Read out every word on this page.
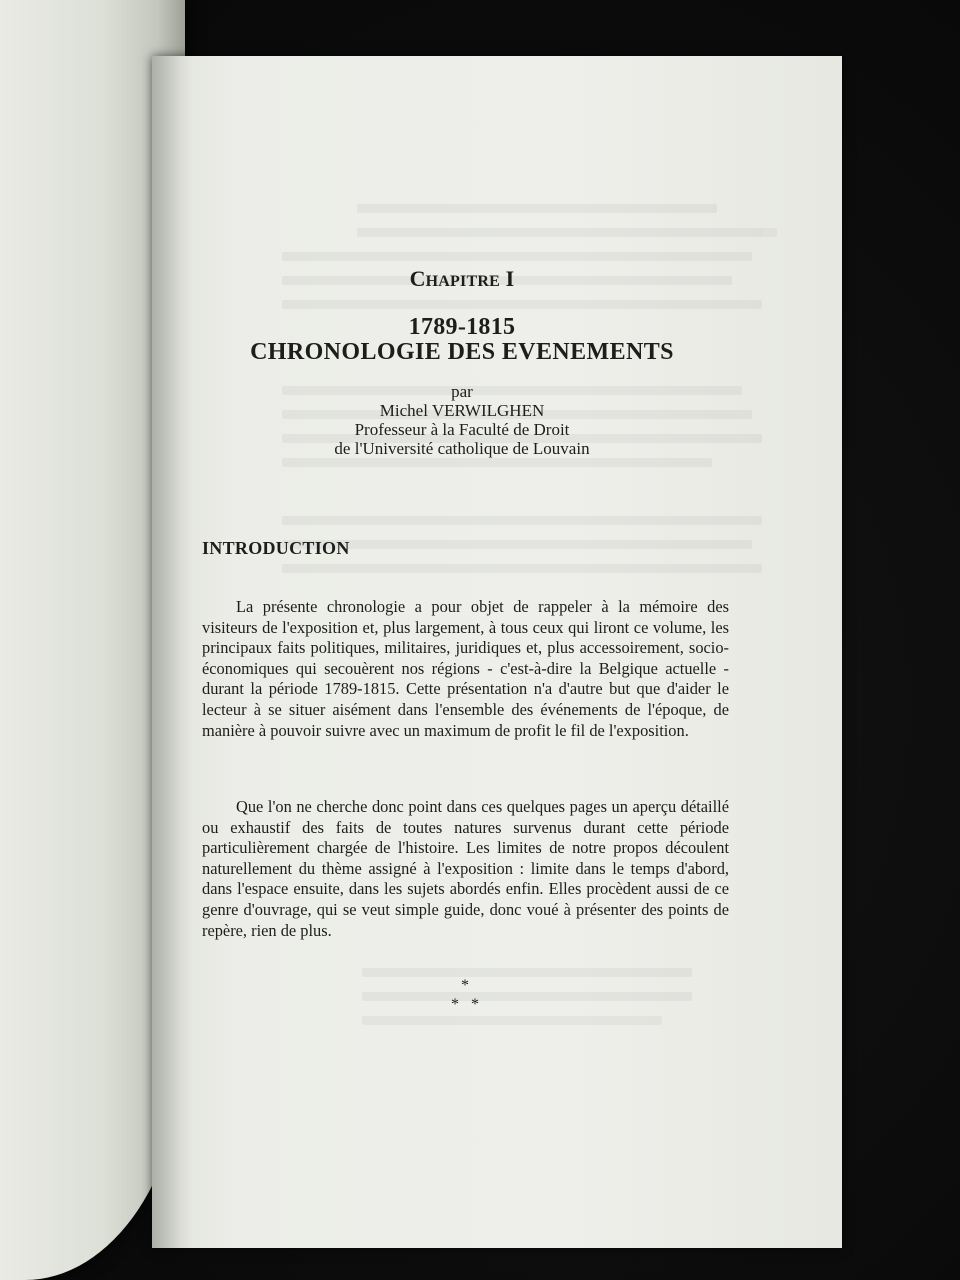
CHAPITRE I
1789-1815
CHRONOLOGIE DES EVENEMENTS
par
Michel VERWILGHEN
Professeur à la Faculté de Droit
de l'Université catholique de Louvain
INTRODUCTION

La présente chronologie a pour objet de rappeler à la mémoire des visiteurs de l'exposition et, plus largement, à tous ceux qui liront ce volume, les principaux faits politiques, militaires, juridiques et, plus accessoirement, socio-économiques qui secouèrent nos régions - c'est-à-dire la Belgique actuelle - durant la période 1789-1815. Cette présentation n'a d'autre but que d'aider le lecteur à se situer aisément dans l'ensemble des événements de l'époque, de manière à pouvoir suivre avec un maximum de profit le fil de l'exposition.

Que l'on ne cherche donc point dans ces quelques pages un aperçu détaillé ou exhaustif des faits de toutes natures survenus durant cette période particulièrement chargée de l'histoire. Les limites de notre propos découlent naturellement du thème assigné à l'exposition : limite dans le temps d'abord, dans l'espace ensuite, dans les sujets abordés enfin. Elles procèdent aussi de ce genre d'ouvrage, qui se veut simple guide, donc voué à présenter des points de repère, rien de plus.

*
*   *
